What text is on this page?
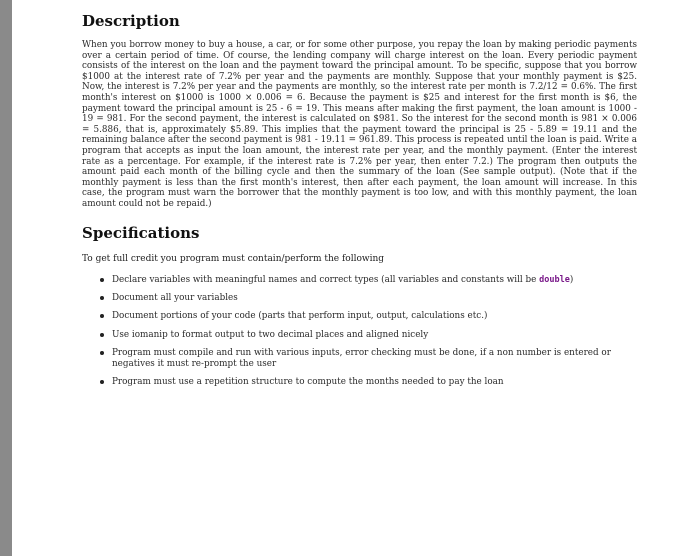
Description

When you borrow money to buy a house, a car, or for some other purpose, you repay the loan by making periodic payments over a certain period of time. Of course, the lending company will charge interest on the loan. Every periodic payment consists of the interest on the loan and the payment toward the principal amount. To be specific, suppose that you borrow $1000 at the interest rate of 7.2% per year and the payments are monthly. Suppose that your monthly payment is $25. Now, the interest is 7.2% per year and the payments are monthly, so the interest rate per month is 7.2/12 = 0.6%. The first month's interest on $1000 is 1000 × 0.006 = 6. Because the payment is $25 and interest for the first month is $6, the payment toward the principal amount is 25 - 6 = 19. This means after making the first payment, the loan amount is 1000 - 19 = 981. For the second payment, the interest is calculated on $981. So the interest for the second month is 981 × 0.006 = 5.886, that is, approximately $5.89. This implies that the payment toward the principal is 25 - 5.89 = 19.11 and the remaining balance after the second payment is 981 - 19.11 = 961.89. This process is repeated until the loan is paid. Write a program that accepts as input the loan amount, the interest rate per year, and the monthly payment. (Enter the interest rate as a percentage. For example, if the interest rate is 7.2% per year, then enter 7.2.) The program then outputs the amount paid each month of the billing cycle and then the summary of the loan (See sample output). (Note that if the monthly payment is less than the first month's interest, then after each payment, the loan amount will increase. In this case, the program must warn the borrower that the monthly payment is too low, and with this monthly payment, the loan amount could not be repaid.)

Specifications

To get full credit you program must contain/perform the following

Declare variables with meaningful names and correct types (all variables and constants will be double)
Document all your variables
Document portions of your code (parts that perform input, output, calculations etc.)
Use iomanip to format output to two decimal places and aligned nicely
Program must compile and run with various inputs, error checking must be done, if a non number is entered or negatives it must re-prompt the user
Program must use a repetition structure to compute the months needed to pay the loan
